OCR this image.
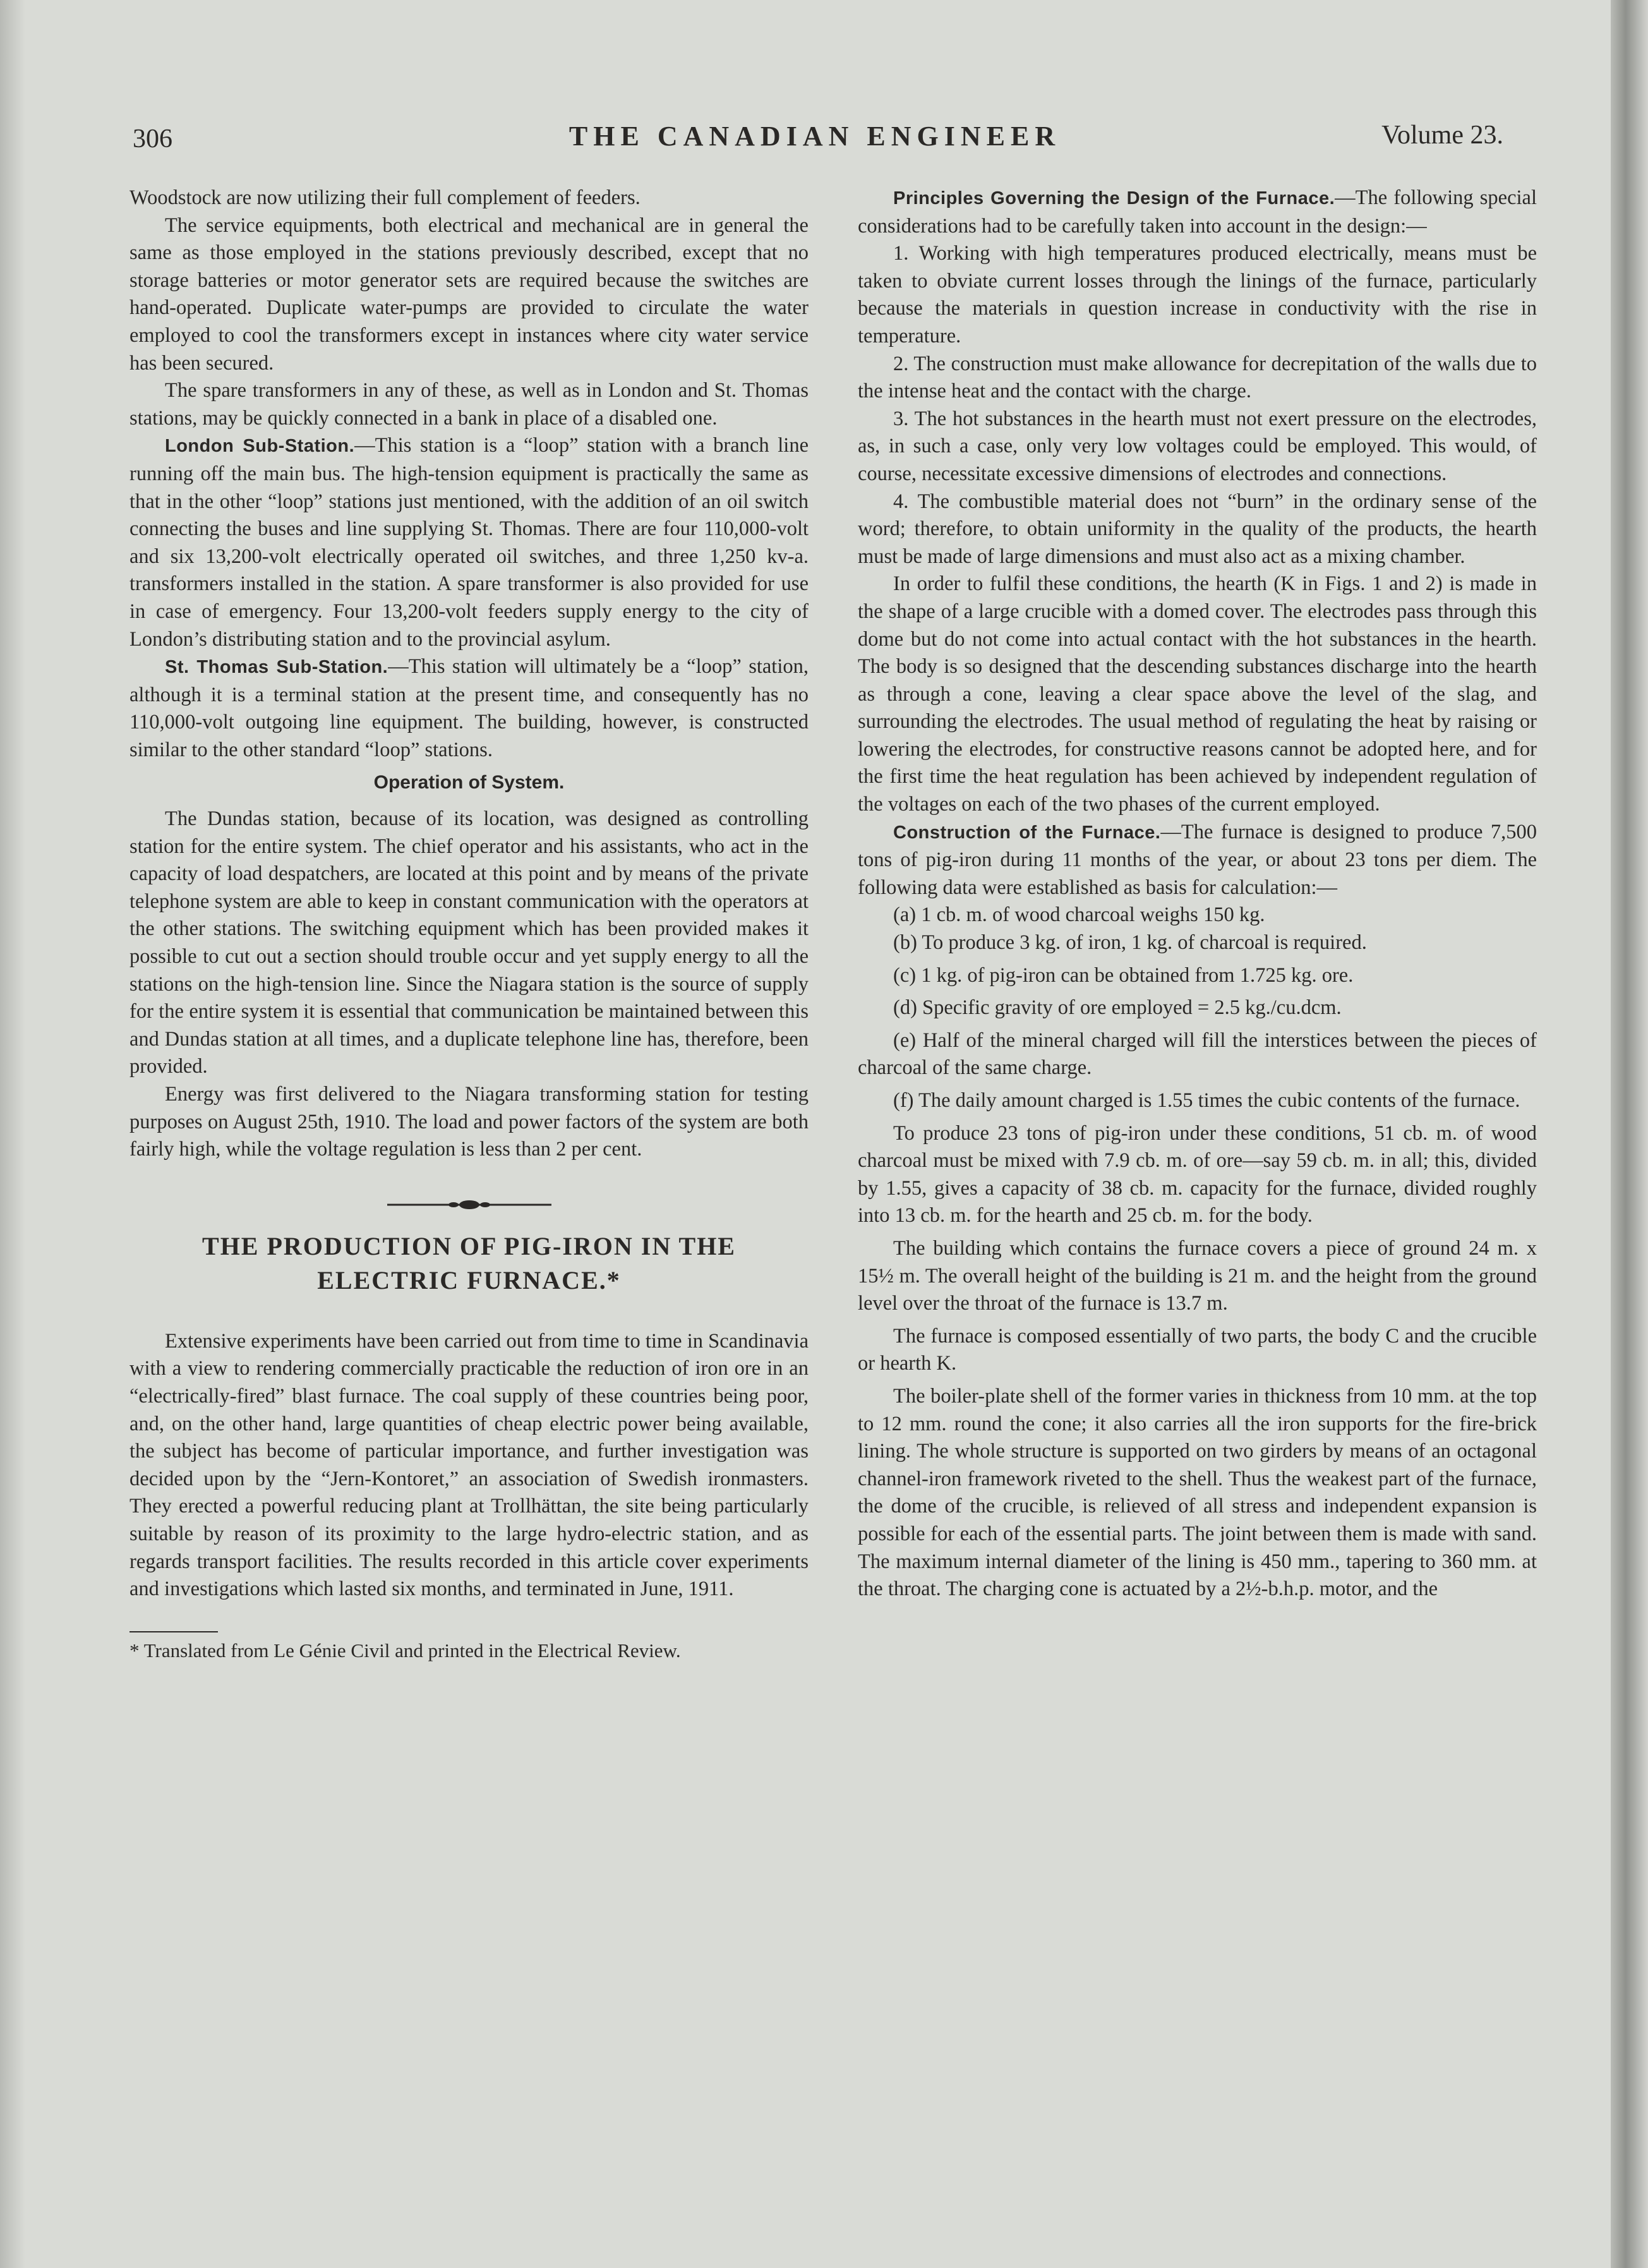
306	THE CANADIAN ENGINEER	Volume 23.

Woodstock are now utilizing their full complement of feeders.

The service equipments, both electrical and mechanical are in general the same as those employed in the stations previously described, except that no storage batteries or motor generator sets are required because the switches are hand-operated. Duplicate water-pumps are provided to circulate the water employed to cool the transformers except in instances where city water service has been secured.

The spare transformers in any of these, as well as in London and St. Thomas stations, may be quickly connected in a bank in place of a disabled one.

London Sub-Station.—This station is a “loop” station with a branch line running off the main bus. The high-tension equipment is practically the same as that in the other “loop” stations just mentioned, with the addition of an oil switch connecting the buses and line supplying St. Thomas. There are four 110,000-volt and six 13,200-volt electrically operated oil switches, and three 1,250 kv-a. transformers installed in the station. A spare transformer is also provided for use in case of emergency. Four 13,200-volt feeders supply energy to the city of London’s distributing station and to the provincial asylum.

St. Thomas Sub-Station.—This station will ultimately be a “loop” station, although it is a terminal station at the present time, and consequently has no 110,000-volt outgoing line equipment. The building, however, is constructed similar to the other standard “loop” stations.

Operation of System.

The Dundas station, because of its location, was designed as controlling station for the entire system. The chief operator and his assistants, who act in the capacity of load despatchers, are located at this point and by means of the private telephone system are able to keep in constant communication with the operators at the other stations. The switching equipment which has been provided makes it possible to cut out a section should trouble occur and yet supply energy to all the stations on the high-tension line. Since the Niagara station is the source of supply for the entire system it is essential that communication be maintained between this and Dundas station at all times, and a duplicate telephone line has, therefore, been provided.

Energy was first delivered to the Niagara transforming station for testing purposes on August 25th, 1910. The load and power factors of the system are both fairly high, while the voltage regulation is less than 2 per cent.

THE PRODUCTION OF PIG-IRON IN THE
ELECTRIC FURNACE.*

Extensive experiments have been carried out from time to time in Scandinavia with a view to rendering commercially practicable the reduction of iron ore in an “electrically-fired” blast furnace. The coal supply of these countries being poor, and, on the other hand, large quantities of cheap electric power being available, the subject has become of particular importance, and further investigation was decided upon by the “Jern-Kontoret,” an association of Swedish ironmasters. They erected a powerful reducing plant at Trollhättan, the site being particularly suitable by reason of its proximity to the large hydro-electric station, and as regards transport facilities. The results recorded in this article cover experiments and investigations which lasted six months, and terminated in June, 1911.

* Translated from Le Génie Civil and printed in the Electrical Review.

Principles Governing the Design of the Furnace.—The following special considerations had to be carefully taken into account in the design:—

1. Working with high temperatures produced electrically, means must be taken to obviate current losses through the linings of the furnace, particularly because the materials in question increase in conductivity with the rise in temperature.

2. The construction must make allowance for decrepitation of the walls due to the intense heat and the contact with the charge.

3. The hot substances in the hearth must not exert pressure on the electrodes, as, in such a case, only very low voltages could be employed. This would, of course, necessitate excessive dimensions of electrodes and connections.

4. The combustible material does not “burn” in the ordinary sense of the word; therefore, to obtain uniformity in the quality of the products, the hearth must be made of large dimensions and must also act as a mixing chamber.

In order to fulfil these conditions, the hearth (K in Figs. 1 and 2) is made in the shape of a large crucible with a domed cover. The electrodes pass through this dome but do not come into actual contact with the hot substances in the hearth. The body is so designed that the descending substances discharge into the hearth as through a cone, leaving a clear space above the level of the slag, and surrounding the electrodes. The usual method of regulating the heat by raising or lowering the electrodes, for constructive reasons cannot be adopted here, and for the first time the heat regulation has been achieved by independent regulation of the voltages on each of the two phases of the current employed.

Construction of the Furnace.—The furnace is designed to produce 7,500 tons of pig-iron during 11 months of the year, or about 23 tons per diem. The following data were established as basis for calculation:—

(a) 1 cb. m. of wood charcoal weighs 150 kg.

(b) To produce 3 kg. of iron, 1 kg. of charcoal is required.

(c) 1 kg. of pig-iron can be obtained from 1.725 kg. ore.

(d) Specific gravity of ore employed = 2.5 kg./cu.dcm.

(e) Half of the mineral charged will fill the interstices between the pieces of charcoal of the same charge.

(f) The daily amount charged is 1.55 times the cubic contents of the furnace.

To produce 23 tons of pig-iron under these conditions, 51 cb. m. of wood charcoal must be mixed with 7.9 cb. m. of ore—say 59 cb. m. in all; this, divided by 1.55, gives a capacity of 38 cb. m. capacity for the furnace, divided roughly into 13 cb. m. for the hearth and 25 cb. m. for the body.

The building which contains the furnace covers a piece of ground 24 m. x 15½ m. The overall height of the building is 21 m. and the height from the ground level over the throat of the furnace is 13.7 m.

The furnace is composed essentially of two parts, the body C and the crucible or hearth K.

The boiler-plate shell of the former varies in thickness from 10 mm. at the top to 12 mm. round the cone; it also carries all the iron supports for the fire-brick lining. The whole structure is supported on two girders by means of an octagonal channel-iron framework riveted to the shell. Thus the weakest part of the furnace, the dome of the crucible, is relieved of all stress and independent expansion is possible for each of the essential parts. The joint between them is made with sand. The maximum internal diameter of the lining is 450 mm., tapering to 360 mm. at the throat. The charging cone is actuated by a 2½-b.h.p. motor, and the
